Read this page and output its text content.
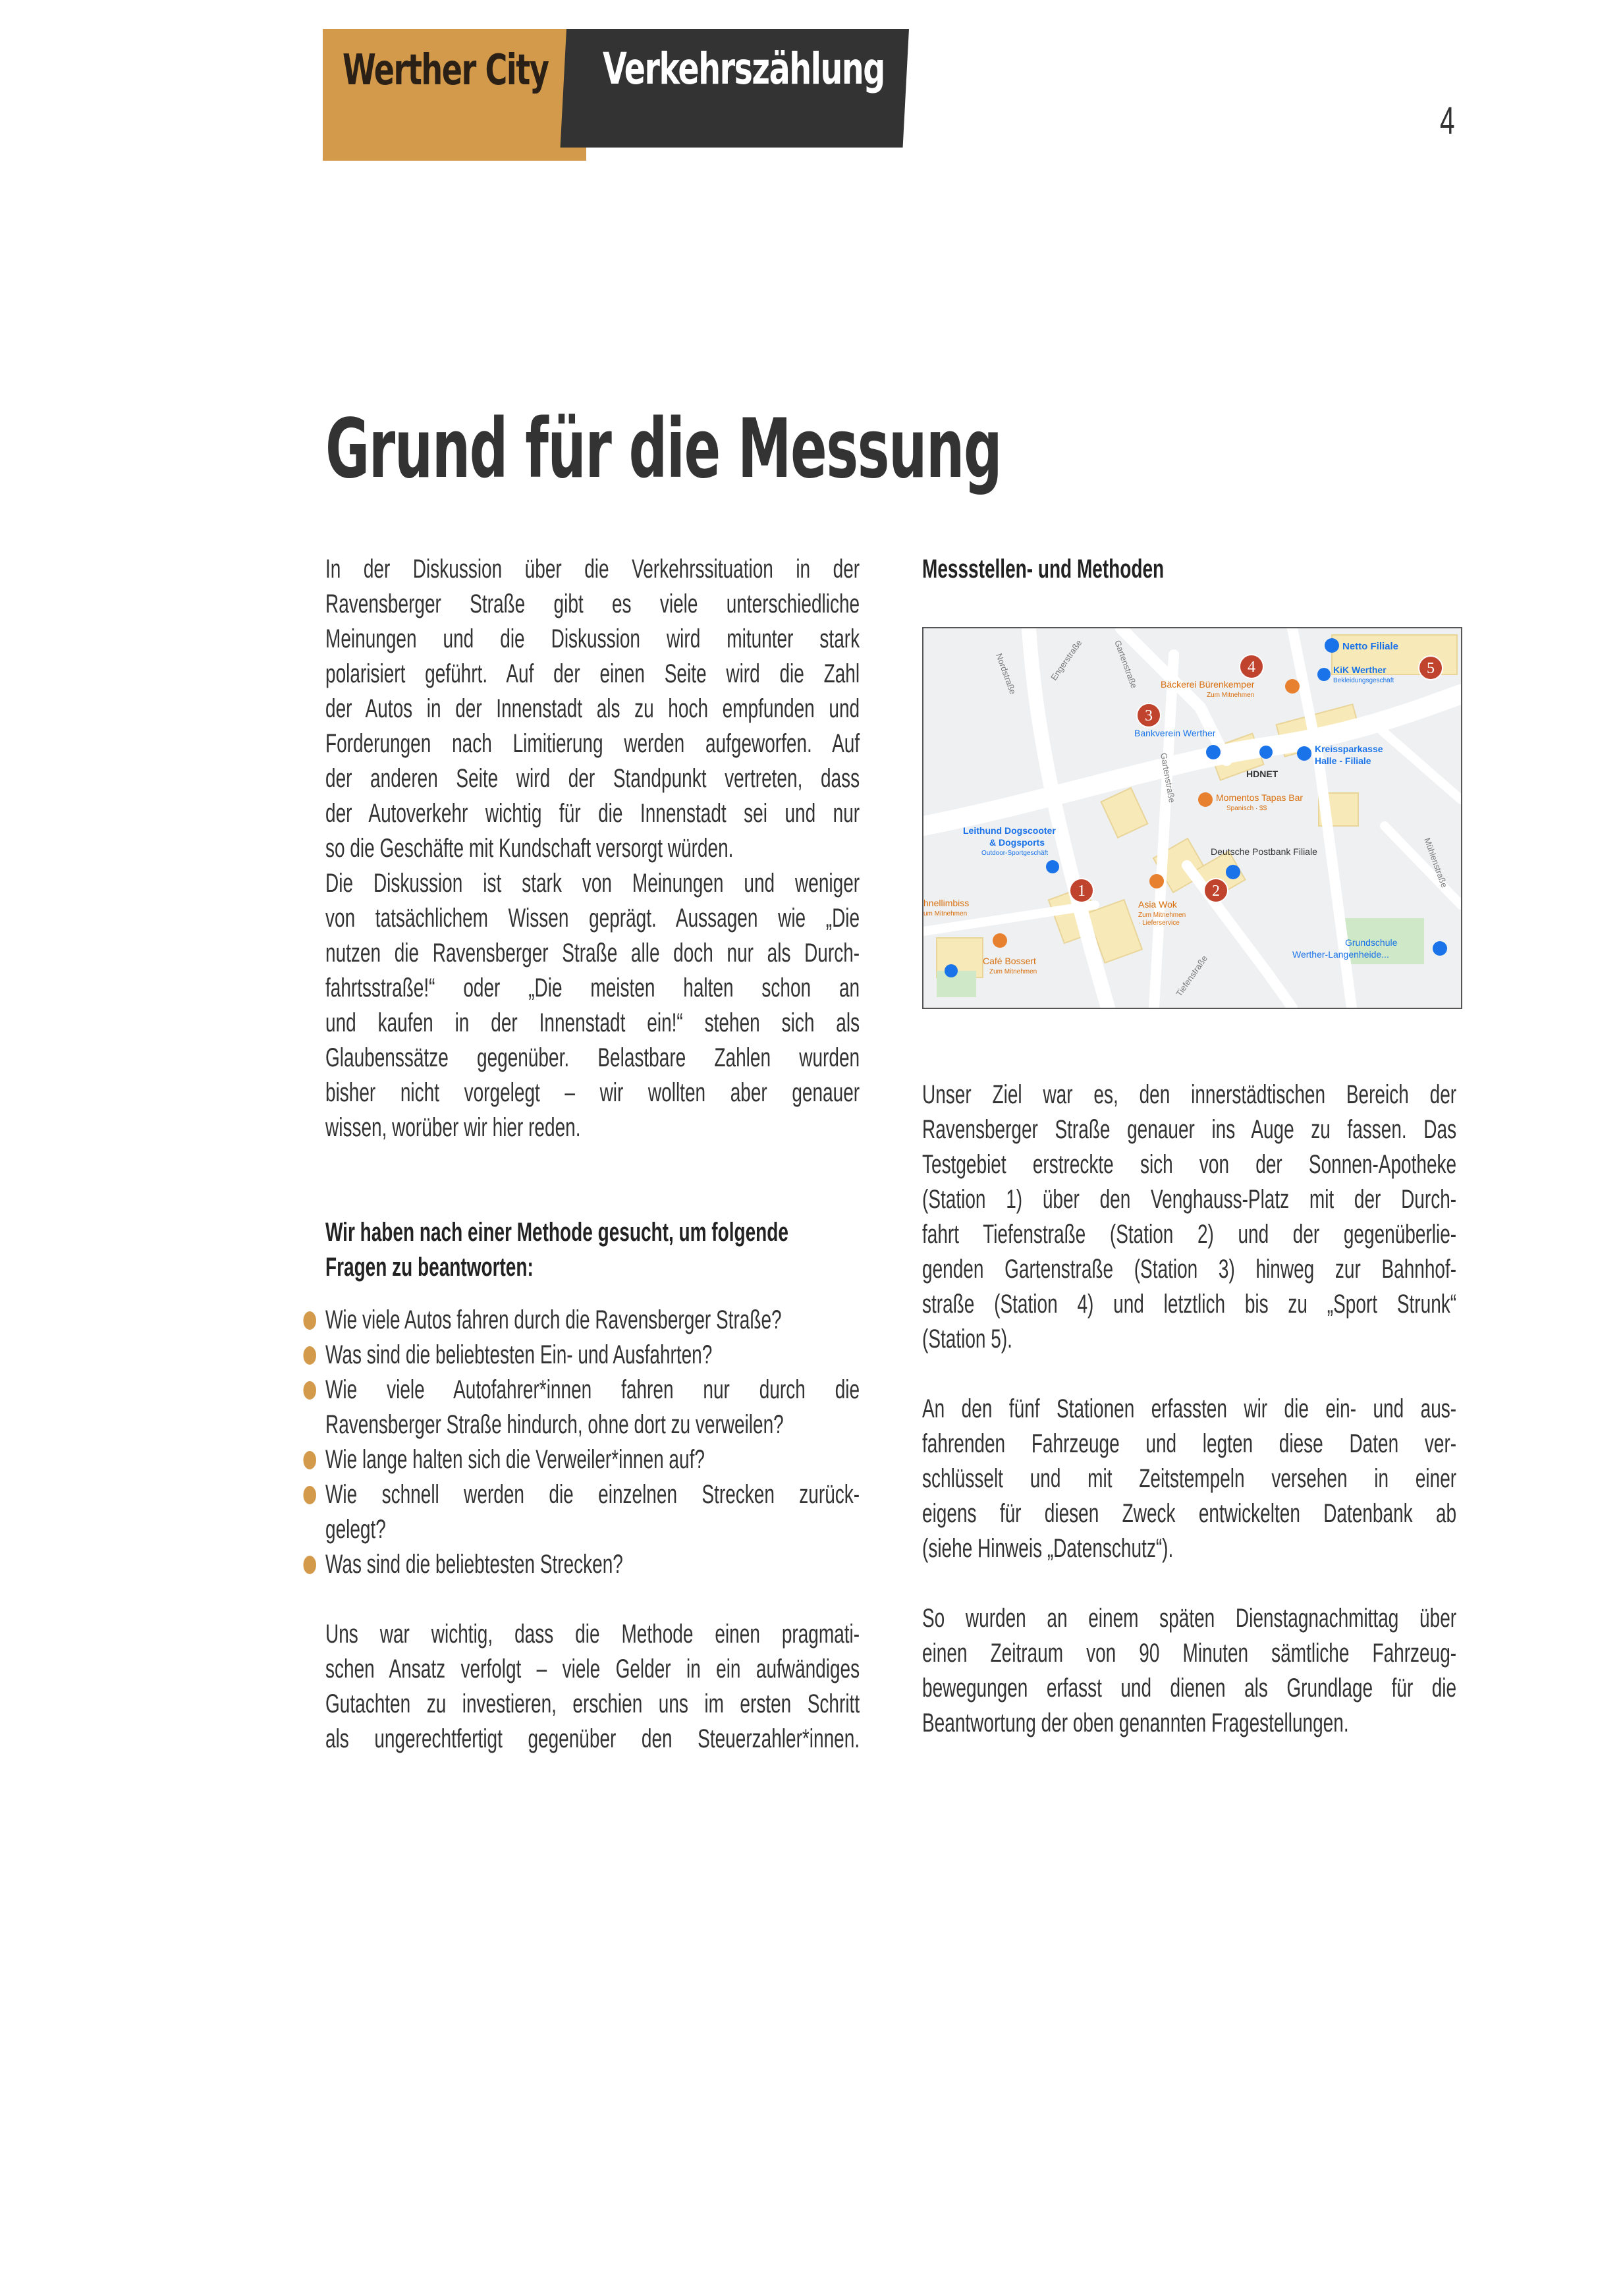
Werther City Verkehrszählung
4
Grund für die Messung
In der Diskussion über die Verkehrssituation in der
Ravensberger Straße gibt es viele unterschiedliche
Meinungen und die Diskussion wird mitunter stark
polarisiert geführt. Auf der einen Seite wird die Zahl
der Autos in der Innenstadt als zu hoch empfunden und
Forderungen nach Limitierung werden aufgeworfen. Auf
der anderen Seite wird der Standpunkt vertreten, dass
der Autoverkehr wichtig für die Innenstadt sei und nur
so die Geschäfte mit Kundschaft versorgt würden.
Die Diskussion ist stark von Meinungen und weniger
von tatsächlichem Wissen geprägt. Aussagen wie „Die
nutzen die Ravensberger Straße alle doch nur als Durch-
fahrtsstraße!“ oder „Die meisten halten schon an
und kaufen in der Innenstadt ein!“ stehen sich als
Glaubenssätze gegenüber. Belastbare Zahlen wurden
bisher nicht vorgelegt – wir wollten aber genauer
wissen, worüber wir hier reden.
Wir haben nach einer Methode gesucht, um folgende
Fragen zu beantworten:
Wie viele Autos fahren durch die Ravensberger Straße?
Was sind die beliebtesten Ein- und Ausfahrten?
Wie viele Autofahrer*innen fahren nur durch die
Ravensberger Straße hindurch, ohne dort zu verweilen?
Wie lange halten sich die Verweiler*innen auf?
Wie schnell werden die einzelnen Strecken zurück-
gelegt?
Was sind die beliebtesten Strecken?
Uns war wichtig, dass die Methode einen pragmati-
schen Ansatz verfolgt – viele Gelder in ein aufwändiges
Gutachten zu investieren, erschien uns im ersten Schritt
als ungerechtfertigt gegenüber den Steuerzahler*innen.
Messstellen- und Methoden
Engerstraße
Nordstraße	Gartenstraße
Gartenstraße
Tiefenstraße
Mühlenstraße
Netto Filiale
KiK Werther
Bekleidungsgeschäft
Bäckerei Bürenkemper
Zum Mitnehmen
Bankverein Werther
HDNET
Kreissparkasse
Halle - Filiale
Momentos Tapas Bar
Spanisch · $$
Leithund Dogscooter
& Dogsports
Outdoor-Sportgeschäft	Deutsche Postbank Filiale
hnellimbiss
um Mitnehmen
Asia Wok
Zum Mitnehmen
· Lieferservice
Café Bossert
Zum Mitnehmen
Grundschule
Werther-Langenheide...
1	2
3
4	5
Unser Ziel war es, den innerstädtischen Bereich der
Ravensberger Straße genauer ins Auge zu fassen. Das
Testgebiet erstreckte sich von der Sonnen-Apotheke
(Station 1) über den Venghauss-Platz mit der Durch-
fahrt Tiefenstraße (Station 2) und der gegenüberlie-
genden Gartenstraße (Station 3) hinweg zur Bahnhof-
straße (Station 4) und letztlich bis zu „Sport Strunk“
(Station 5).
An den fünf Stationen erfassten wir die ein- und aus-
fahrenden Fahrzeuge und legten diese Daten ver-
schlüsselt und mit Zeitstempeln versehen in einer
eigens für diesen Zweck entwickelten Datenbank ab
(siehe Hinweis „Datenschutz“).
So wurden an einem späten Dienstagnachmittag über
einen Zeitraum von 90 Minuten sämtliche Fahrzeug-
bewegungen erfasst und dienen als Grundlage für die
Beantwortung der oben genannten Fragestellungen.
